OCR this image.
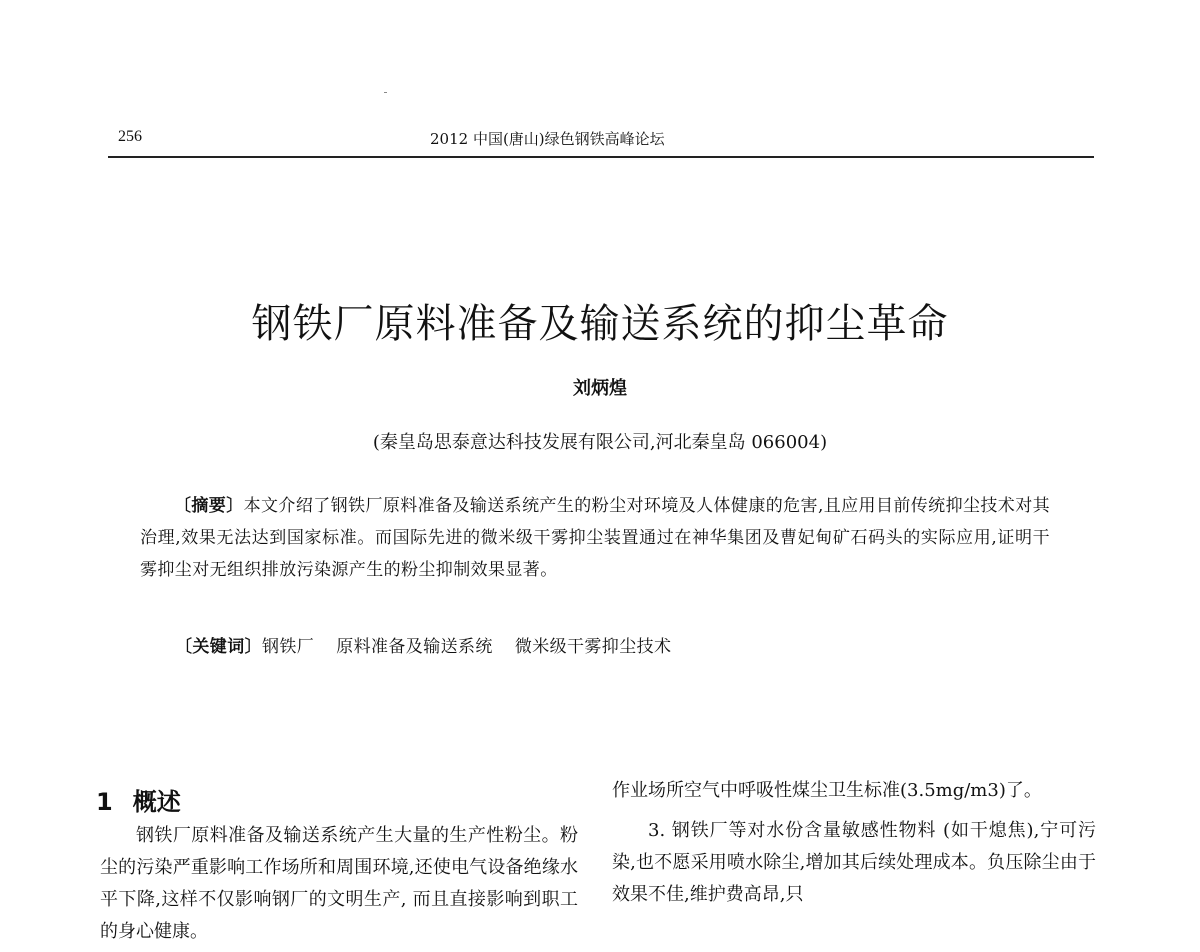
256	2012 中国(唐山)绿色钢铁高峰论坛
钢铁厂原料准备及输送系统的抑尘革命
刘炳煌
(秦皇岛思泰意达科技发展有限公司,河北秦皇岛 066004)
〔摘要〕本文介绍了钢铁厂原料准备及输送系统产生的粉尘对环境及人体健康的危害,且应用目前传统抑尘技术对其治理,效果无法达到国家标准。而国际先进的微米级干雾抑尘装置通过在神华集团及曹妃甸矿石码头的实际应用,证明干雾抑尘对无组织排放污染源产生的粉尘抑制效果显著。
〔关键词〕钢铁厂 原料准备及输送系统 微米级干雾抑尘技术
1 概述
钢铁厂原料准备及输送系统产生大量的生产性粉尘。粉尘的污染严重影响工作场所和周围环境,还使电气设备绝缘水平下降,这样不仅影响钢厂的文明生产, 而且直接影响到职工的身心健康。

作业场所空气中呼吸性煤尘卫生标准(3.5mg/m3)了。

3. 钢铁厂等对水份含量敏感性物料 (如干熄焦),宁可污染,也不愿采用喷水除尘,增加其后续处理成本。负压除尘由于效果不佳,维护费高昂,只
